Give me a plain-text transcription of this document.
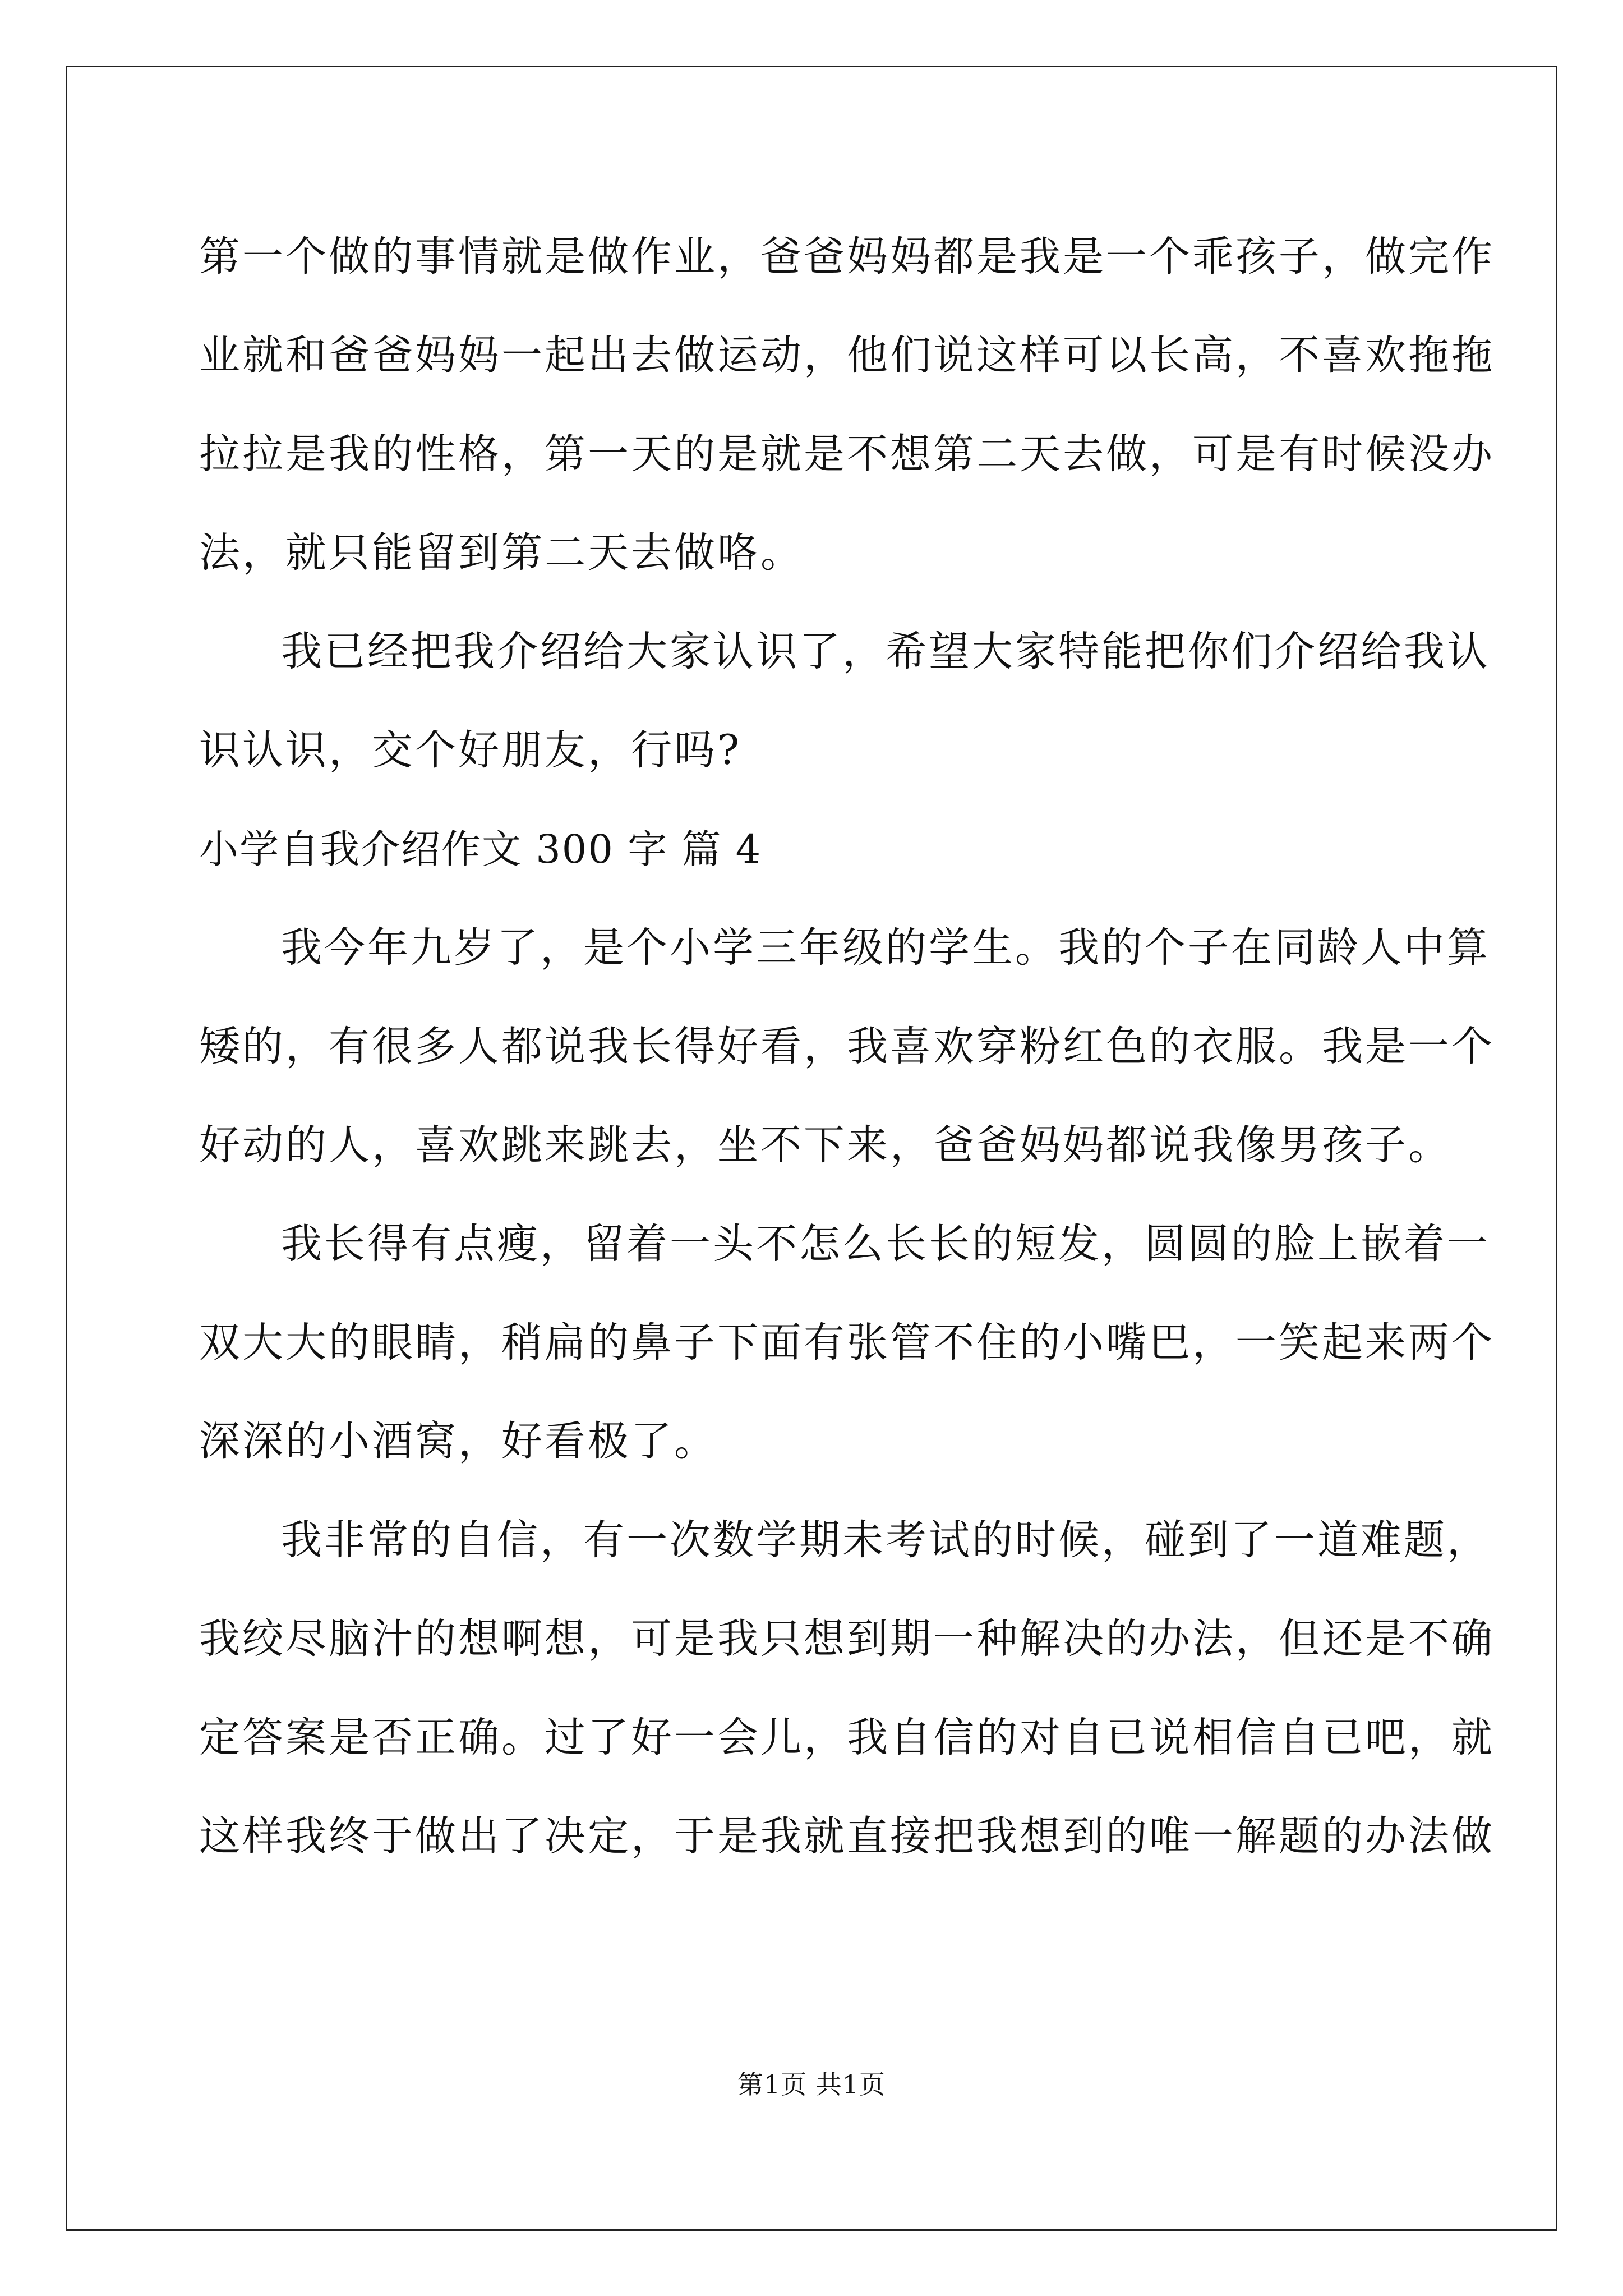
第一个做的事情就是做作业，爸爸妈妈都是我是一个乖孩子，做完作
业就和爸爸妈妈一起出去做运动，他们说这样可以长高，不喜欢拖拖
拉拉是我的性格，第一天的是就是不想第二天去做，可是有时候没办
法，就只能留到第二天去做咯。
我已经把我介绍给大家认识了，希望大家特能把你们介绍给我认
识认识，交个好朋友，行吗?
小学自我介绍作文 300 字 篇 4
我今年九岁了，是个小学三年级的学生。我的个子在同龄人中算
矮的，有很多人都说我长得好看，我喜欢穿粉红色的衣服。我是一个
好动的人，喜欢跳来跳去，坐不下来，爸爸妈妈都说我像男孩子。
我长得有点瘦，留着一头不怎么长长的短发，圆圆的脸上嵌着一
双大大的眼睛，稍扁的鼻子下面有张管不住的小嘴巴，一笑起来两个
深深的小酒窝，好看极了。
我非常的自信，有一次数学期未考试的时候，碰到了一道难题，
我绞尽脑汁的想啊想，可是我只想到期一种解决的办法，但还是不确
定答案是否正确。过了好一会儿，我自信的对自已说相信自已吧，就
这样我终于做出了决定，于是我就直接把我想到的唯一解题的办法做
第1页 共1页
